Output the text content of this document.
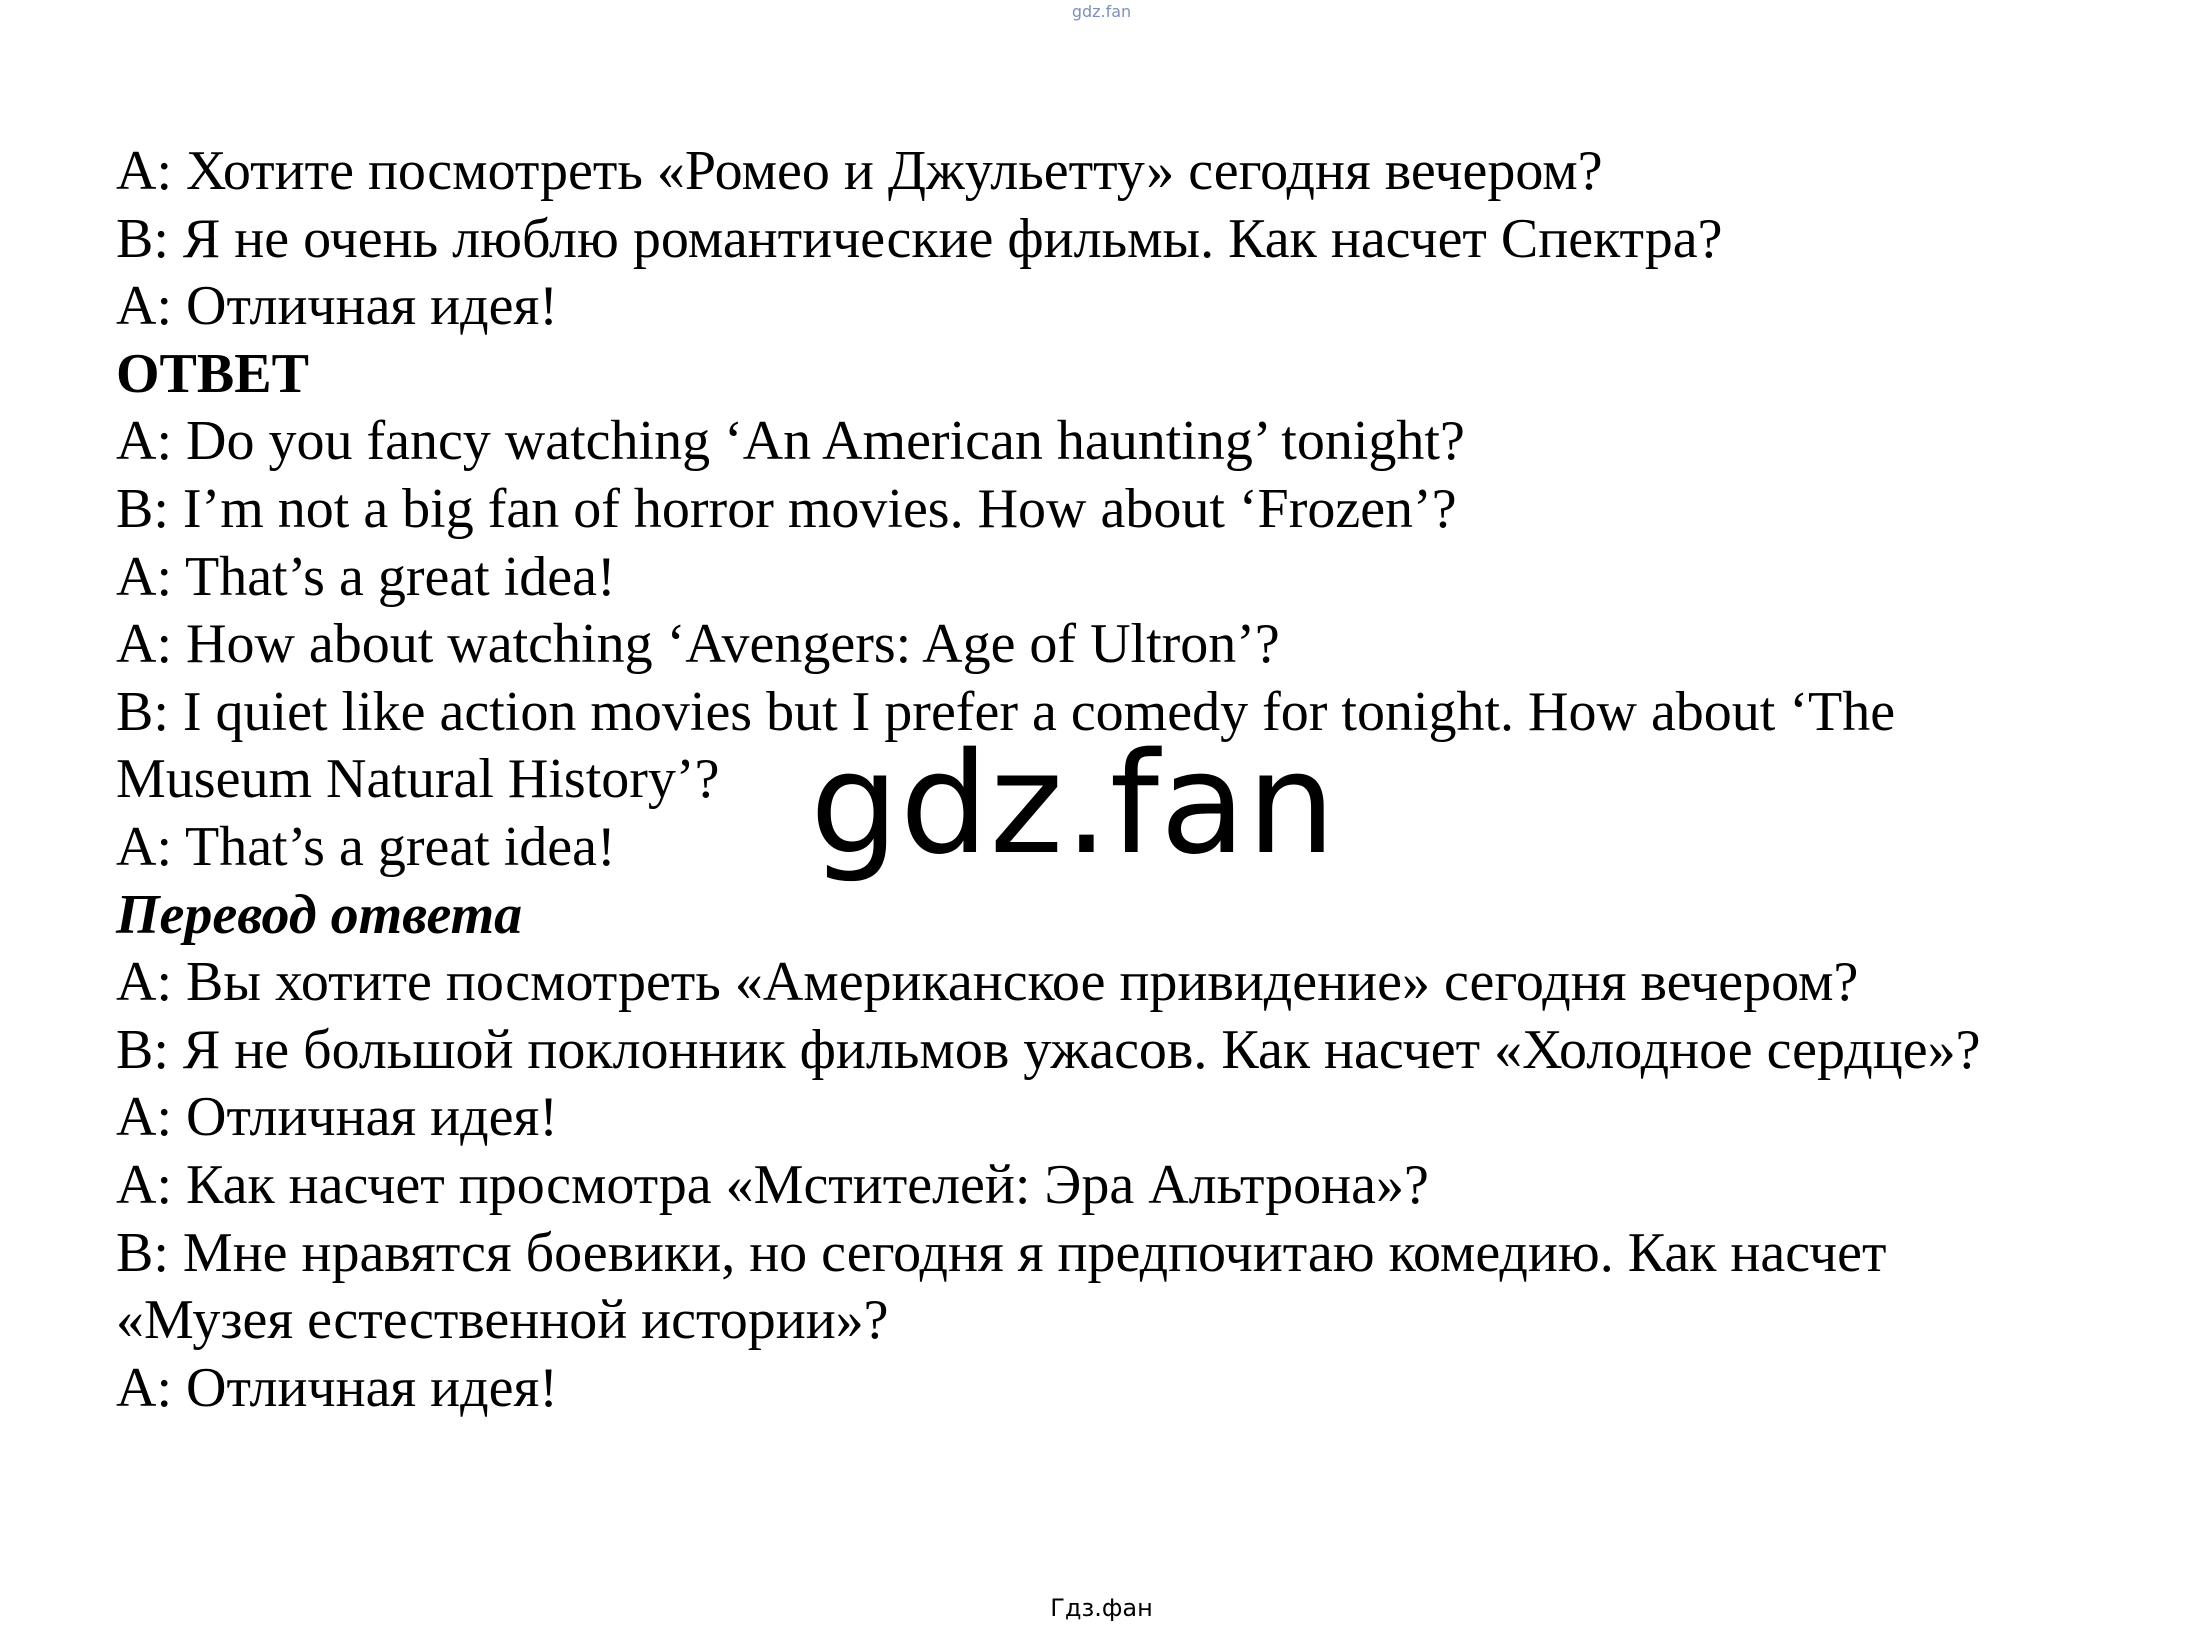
gdz.fan
A: Хотите посмотреть «Ромео и Джульетту» сегодня вечером?
B: Я не очень люблю романтические фильмы. Как насчет Спектра?
A: Отличная идея!
ОТВЕТ
A: Do you fancy watching ‘An American haunting’ tonight?
B: I’m not a big fan of horror movies. How about ‘Frozen’?
A: That’s a great idea!
A: How about watching ‘Avengers: Age of Ultron’?
B: I quiet like action movies but I prefer a comedy for tonight. How about ‘The Museum Natural History’?
A: That’s a great idea!
Перевод ответа
A: Вы хотите посмотреть «Американское привидение» сегодня вечером?
B: Я не большой поклонник фильмов ужасов. Как насчет «Холодное сердце»?
A: Отличная идея!
A: Как насчет просмотра «Мстителей: Эра Альтрона»?
B: Мне нравятся боевики, но сегодня я предпочитаю комедию. Как насчет «Музея естественной истории»?
A: Отличная идея!
gdz.fan
Гдз.фан
